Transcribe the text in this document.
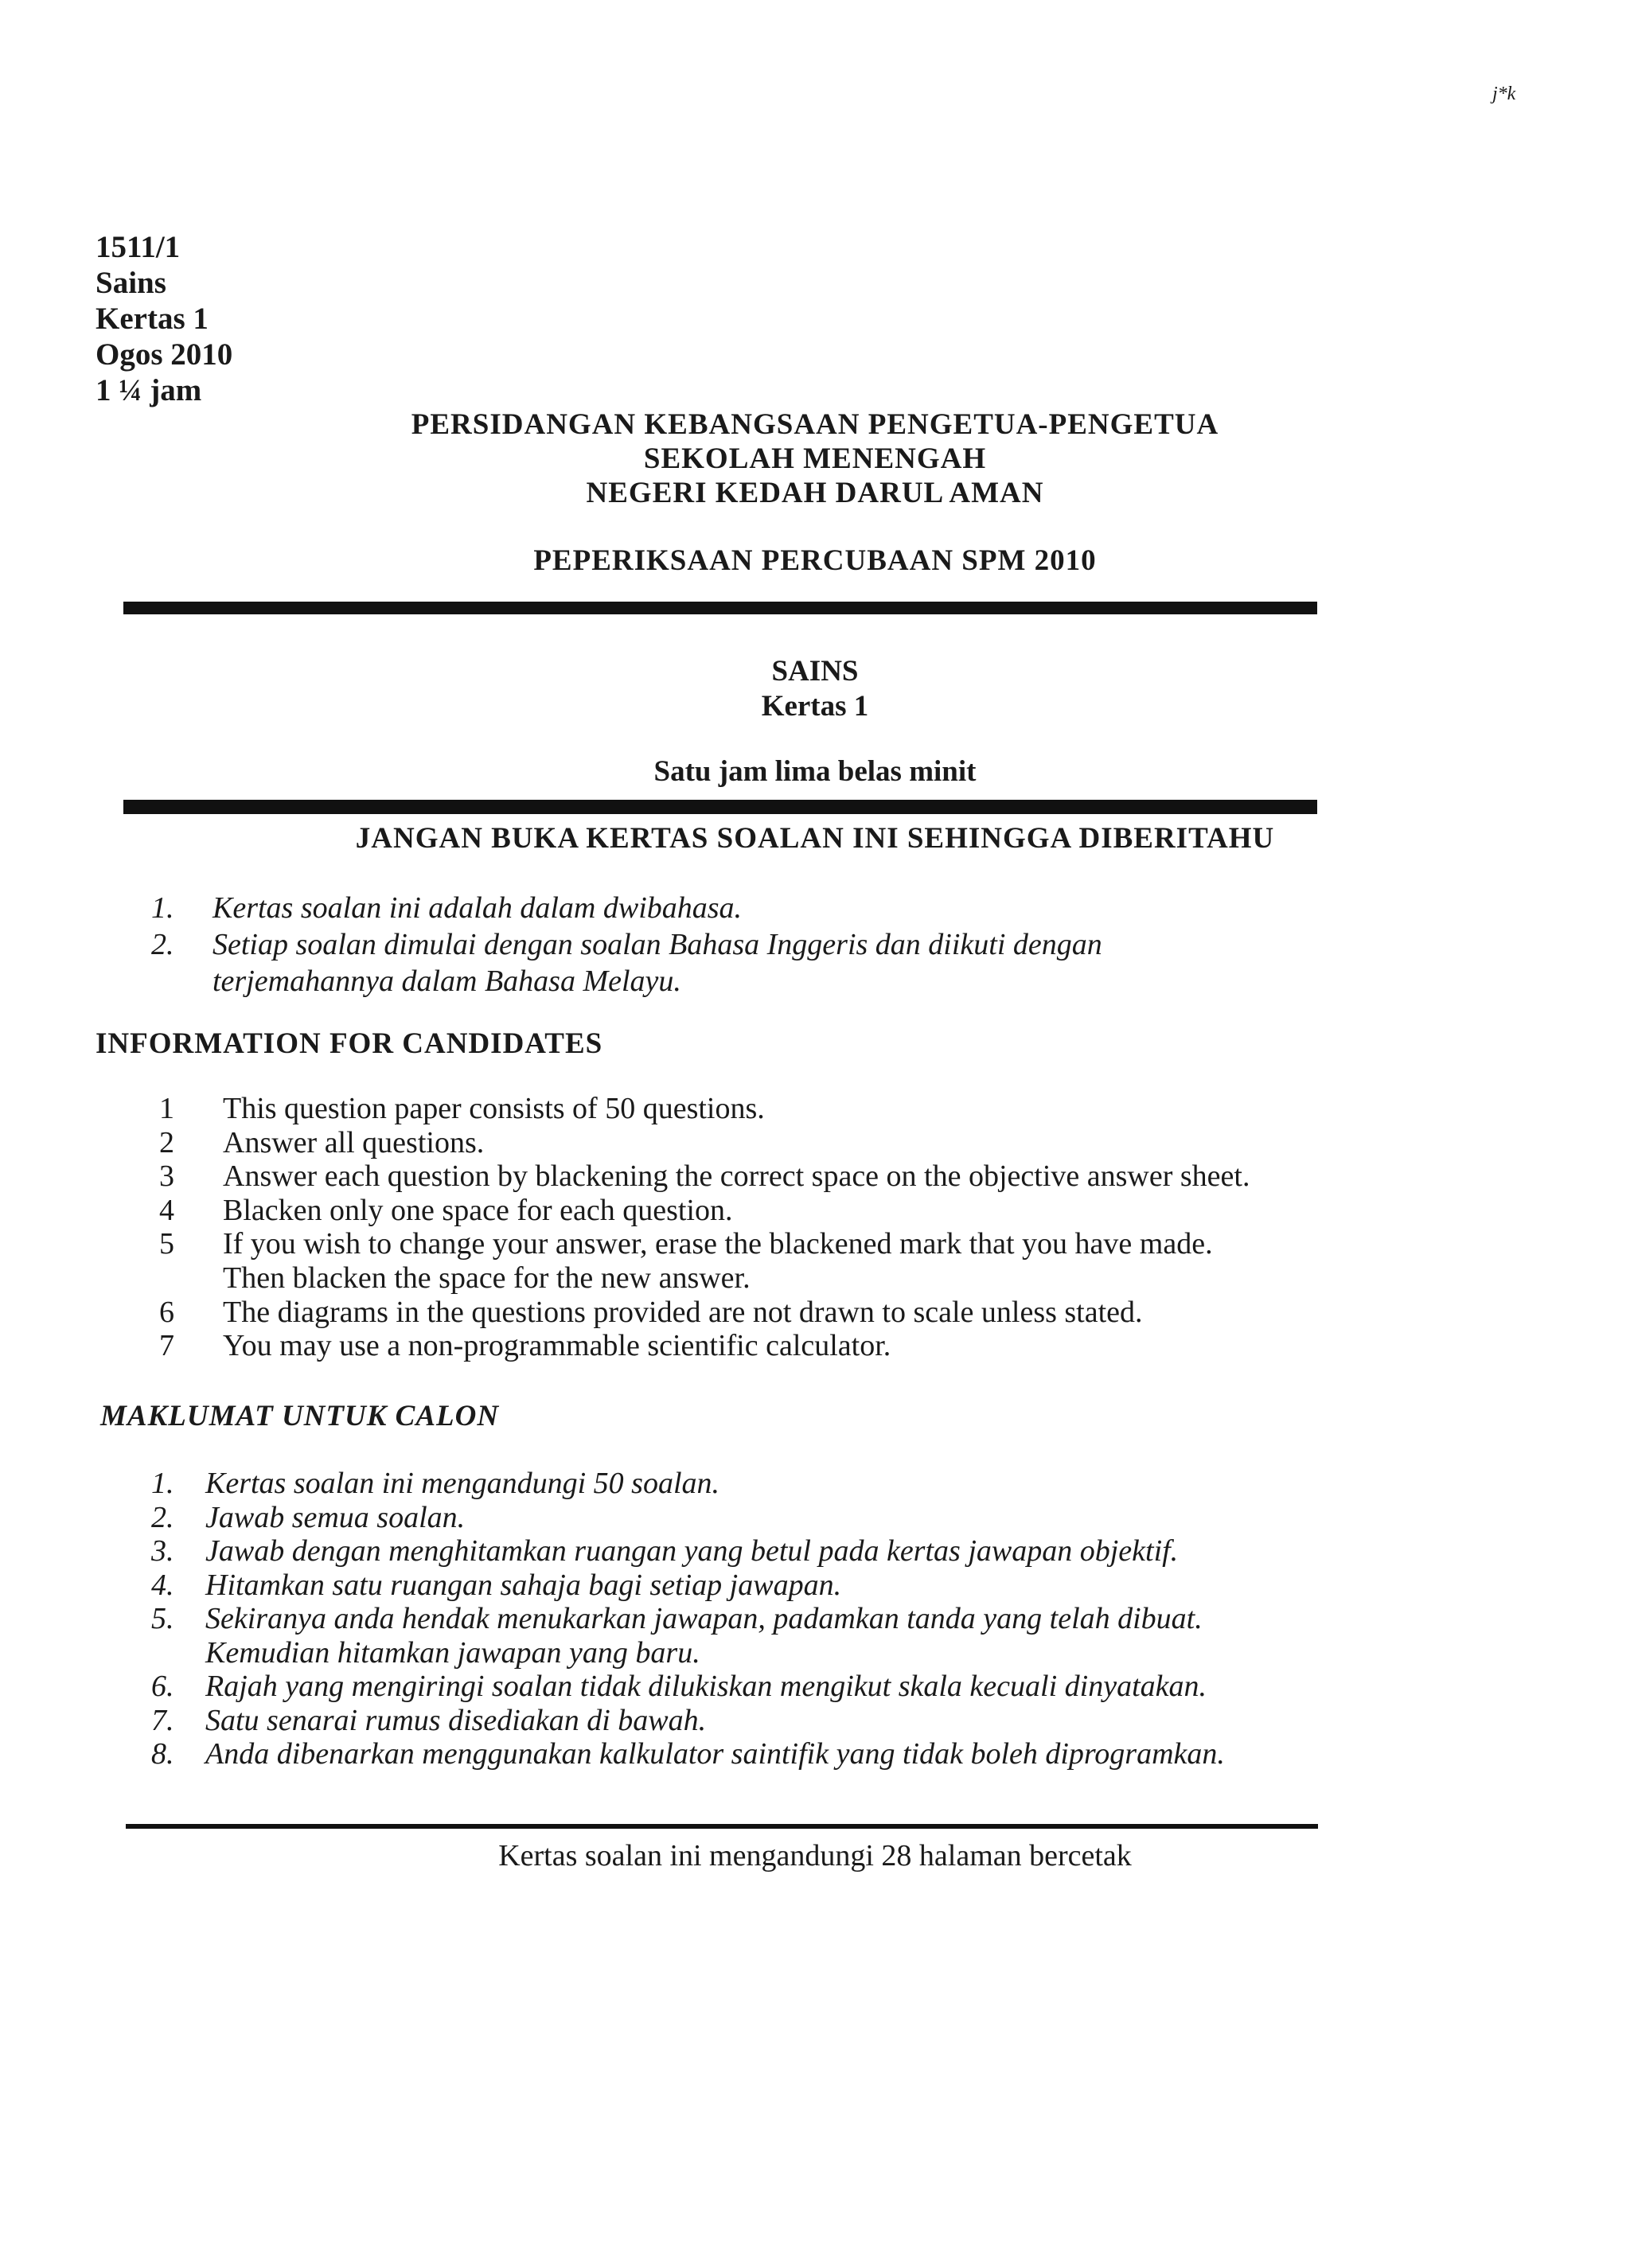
j*k
1511/1
Sains
Kertas 1
Ogos 2010
1 ¼ jam
PERSIDANGAN KEBANGSAAN PENGETUA-PENGETUA
SEKOLAH MENENGAH
NEGERI KEDAH DARUL AMAN
PEPERIKSAAN PERCUBAAN SPM 2010
SAINS
Kertas 1
Satu jam lima belas minit
JANGAN BUKA KERTAS SOALAN INI SEHINGGA DIBERITAHU
1.	Kertas soalan ini adalah dalam dwibahasa.
2.	Setiap soalan dimulai dengan soalan Bahasa Inggeris dan diikuti dengan
terjemahannya dalam Bahasa Melayu.
INFORMATION FOR CANDIDATES
1	This question paper consists of 50 questions.
2	Answer all questions.
3	Answer each question by blackening the correct space on the objective answer sheet.
4	Blacken only one space for each question.
5	If you wish to change your answer, erase the blackened mark that you have made.
Then blacken the space for the new answer.
6	The diagrams in the questions provided are not drawn to scale unless stated.
7	You may use a non-programmable scientific calculator.
MAKLUMAT UNTUK CALON
1.	Kertas soalan ini mengandungi 50 soalan.
2.	Jawab semua soalan.
3.	Jawab dengan menghitamkan ruangan yang betul pada kertas jawapan objektif.
4.	Hitamkan satu ruangan sahaja bagi setiap jawapan.
5.	Sekiranya anda hendak menukarkan jawapan, padamkan tanda yang telah dibuat.
Kemudian hitamkan jawapan yang baru.
6.	Rajah yang mengiringi soalan tidak dilukiskan mengikut skala kecuali dinyatakan.
7.	Satu senarai rumus disediakan di bawah.
8.	Anda dibenarkan menggunakan kalkulator saintifik yang tidak boleh diprogramkan.
Kertas soalan ini mengandungi 28 halaman bercetak
